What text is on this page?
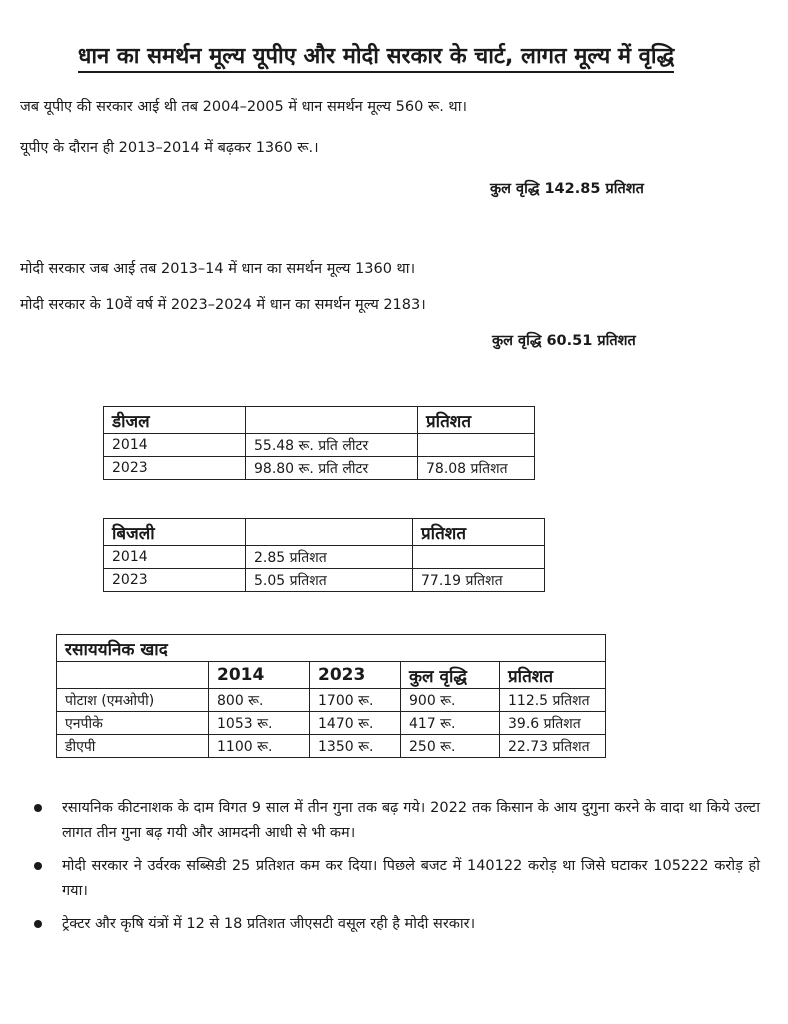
धान का समर्थन मूल्य यूपीए और मोदी सरकार के चार्ट, लागत मूल्य में वृद्धि
जब यूपीए की सरकार आई थी तब 2004–2005 में धान समर्थन मूल्य 560 रू. था।
यूपीए के दौरान ही 2013–2014 में बढ़कर 1360 रू.।
कुल वृद्धि 142.85 प्रतिशत
मोदी सरकार जब आई तब 2013–14 में धान का समर्थन मूल्य 1360 था।
मोदी सरकार के 10वें वर्ष में 2023–2024 में धान का समर्थन मूल्य 2183।
कुल वृद्धि 60.51 प्रतिशत
डीजल		प्रतिशत
2014	55.48 रू. प्रति लीटर	
2023	98.80 रू. प्रति लीटर	78.08 प्रतिशत
बिजली		प्रतिशत
2014	2.85 प्रतिशत	
2023	5.05 प्रतिशत	77.19 प्रतिशत
रसाययनिक खाद				
	2014	2023	कुल वृद्धि	प्रतिशत
पोटाश (एमओपी)	800 रू.	1700 रू.	900 रू.	112.5 प्रतिशत
एनपीके	1053 रू.	1470 रू.	417 रू.	39.6 प्रतिशत
डीएपी	1100 रू.	1350 रू.	250 रू.	22.73 प्रतिशत
रसायनिक कीटनाशक के दाम विगत 9 साल में तीन गुना तक बढ़ गये। 2022 तक किसान के आय दुगुना करने के वादा था किये उल्टा लागत तीन गुना बढ़ गयी और आमदनी आधी से भी कम।
मोदी सरकार ने उर्वरक सब्सिडी 25 प्रतिशत कम कर दिया। पिछले बजट में 140122 करोड़ था जिसे घटाकर 105222 करोड़ हो गया।
ट्रेक्टर और कृषि यंत्रों में 12 से 18 प्रतिशत जीएसटी वसूल रही है मोदी सरकार।
